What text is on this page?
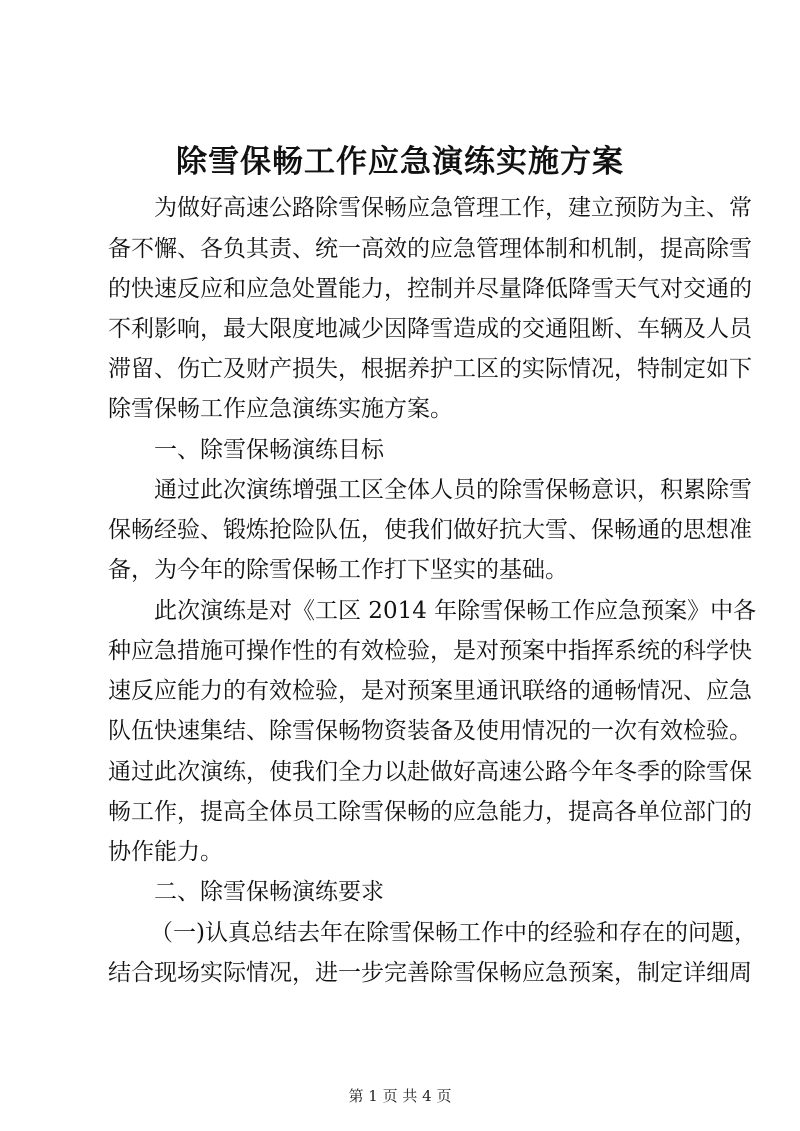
除雪保畅工作应急演练实施方案

为做好高速公路除雪保畅应急管理工作，建立预防为主、常

备不懈、各负其责、统一高效的应急管理体制和机制，提高除雪

的快速反应和应急处置能力，控制并尽量降低降雪天气对交通的

不利影响，最大限度地减少因降雪造成的交通阻断、车辆及人员

滞留、伤亡及财产损失，根据养护工区的实际情况，特制定如下

除雪保畅工作应急演练实施方案。

一、除雪保畅演练目标

通过此次演练增强工区全体人员的除雪保畅意识，积累除雪

保畅经验、锻炼抢险队伍，使我们做好抗大雪、保畅通的思想准

备，为今年的除雪保畅工作打下坚实的基础。

此次演练是对《工区 2014 年除雪保畅工作应急预案》中各

种应急措施可操作性的有效检验，是对预案中指挥系统的科学快

速反应能力的有效检验，是对预案里通讯联络的通畅情况、应急

队伍快速集结、除雪保畅物资装备及使用情况的一次有效检验。

通过此次演练，使我们全力以赴做好高速公路今年冬季的除雪保

畅工作，提高全体员工除雪保畅的应急能力，提高各单位部门的

协作能力。

二、除雪保畅演练要求

（一)认真总结去年在除雪保畅工作中的经验和存在的问题，

结合现场实际情况，进一步完善除雪保畅应急预案，制定详细周

第 1 页 共 4 页
